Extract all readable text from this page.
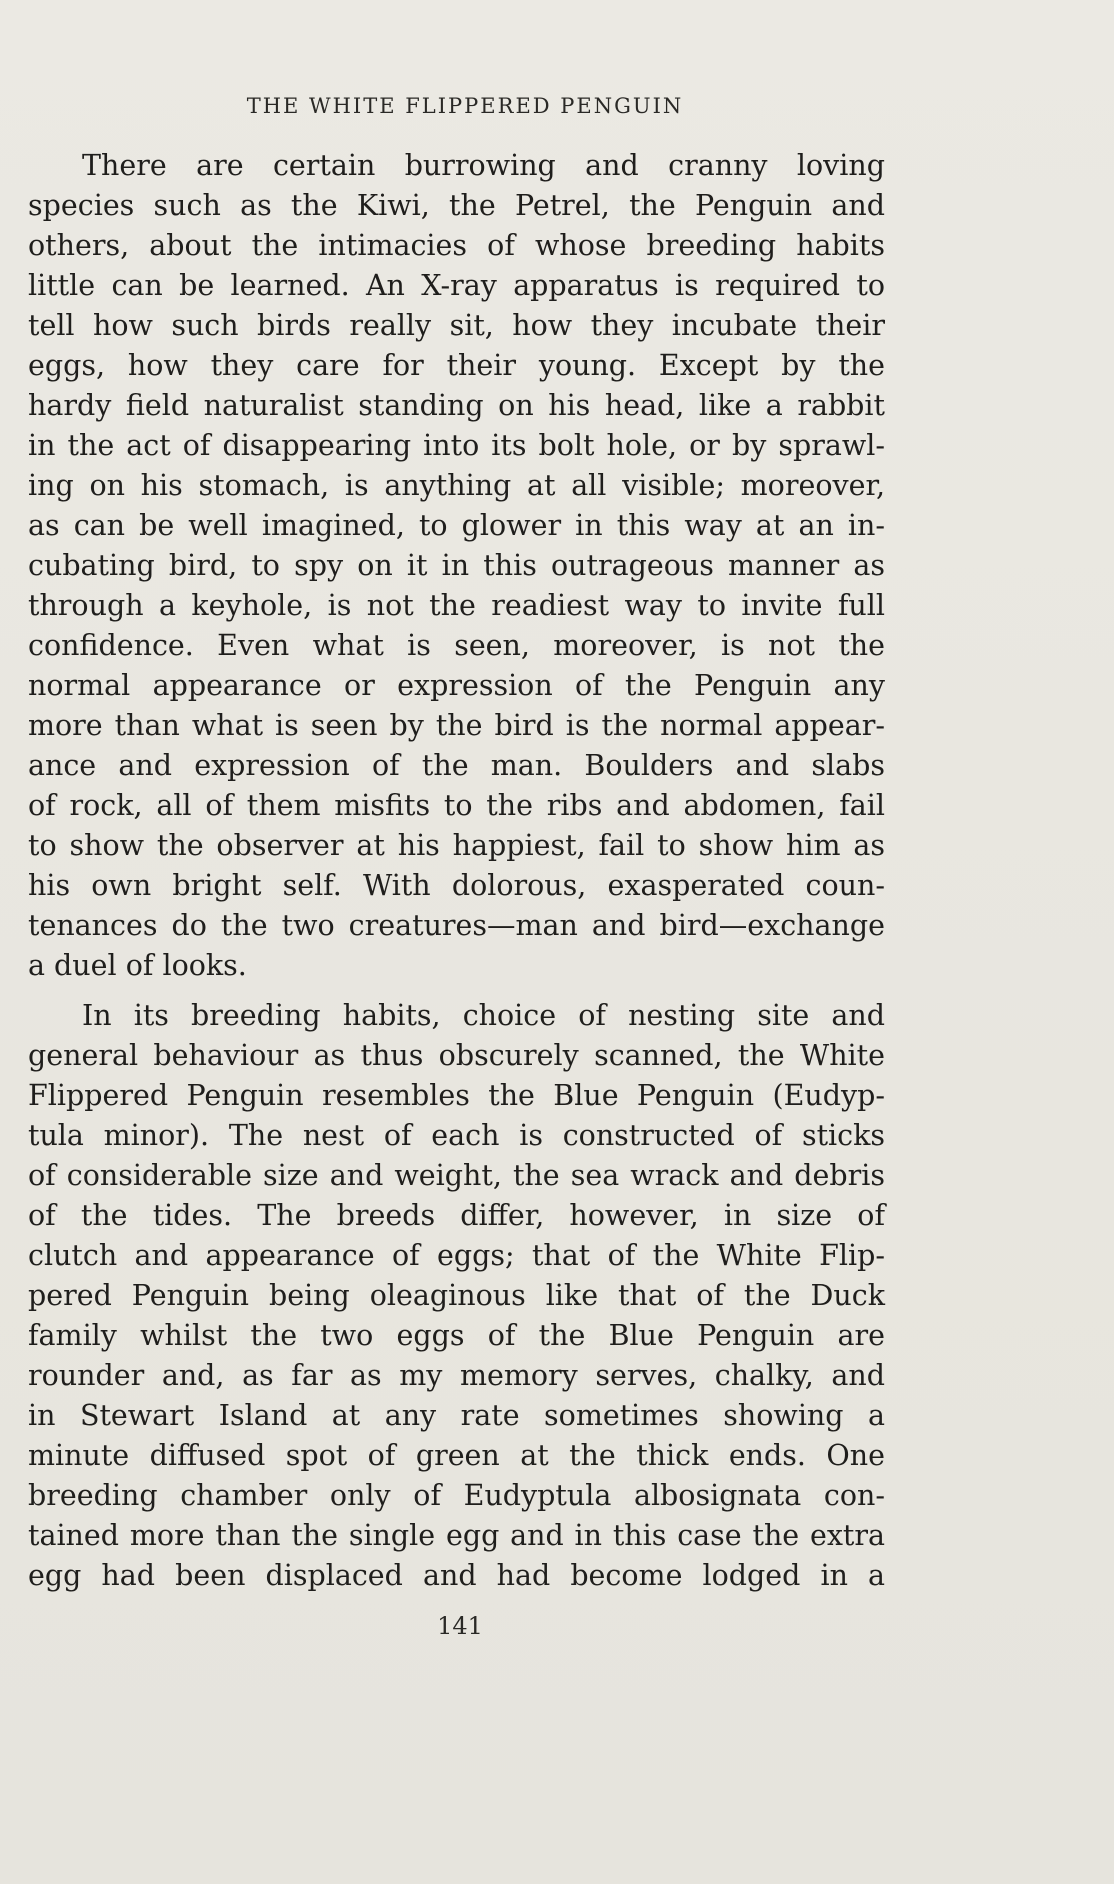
THE WHITE FLIPPERED PENGUIN

There are certain burrowing and cranny loving
species such as the Kiwi, the Petrel, the Penguin and
others, about the intimacies of whose breeding habits
little can be learned. An X-ray apparatus is required to
tell how such birds really sit, how they incubate their
eggs, how they care for their young. Except by the
hardy field naturalist standing on his head, like a rabbit
in the act of disappearing into its bolt hole, or by sprawl-
ing on his stomach, is anything at all visible; moreover,
as can be well imagined, to glower in this way at an in-
cubating bird, to spy on it in this outrageous manner as
through a keyhole, is not the readiest way to invite full
confidence. Even what is seen, moreover, is not the
normal appearance or expression of the Penguin any
more than what is seen by the bird is the normal appear-
ance and expression of the man. Boulders and slabs
of rock, all of them misfits to the ribs and abdomen, fail
to show the observer at his happiest, fail to show him as
his own bright self. With dolorous, exasperated coun-
tenances do the two creatures—man and bird—exchange
a duel of looks.

In its breeding habits, choice of nesting site and
general behaviour as thus obscurely scanned, the White
Flippered Penguin resembles the Blue Penguin (Eudyp-
tula minor). The nest of each is constructed of sticks
of considerable size and weight, the sea wrack and debris
of the tides. The breeds differ, however, in size of
clutch and appearance of eggs; that of the White Flip-
pered Penguin being oleaginous like that of the Duck
family whilst the two eggs of the Blue Penguin are
rounder and, as far as my memory serves, chalky, and
in Stewart Island at any rate sometimes showing a
minute diffused spot of green at the thick ends. One
breeding chamber only of Eudyptula albosignata con-
tained more than the single egg and in this case the extra
egg had been displaced and had become lodged in a

141
